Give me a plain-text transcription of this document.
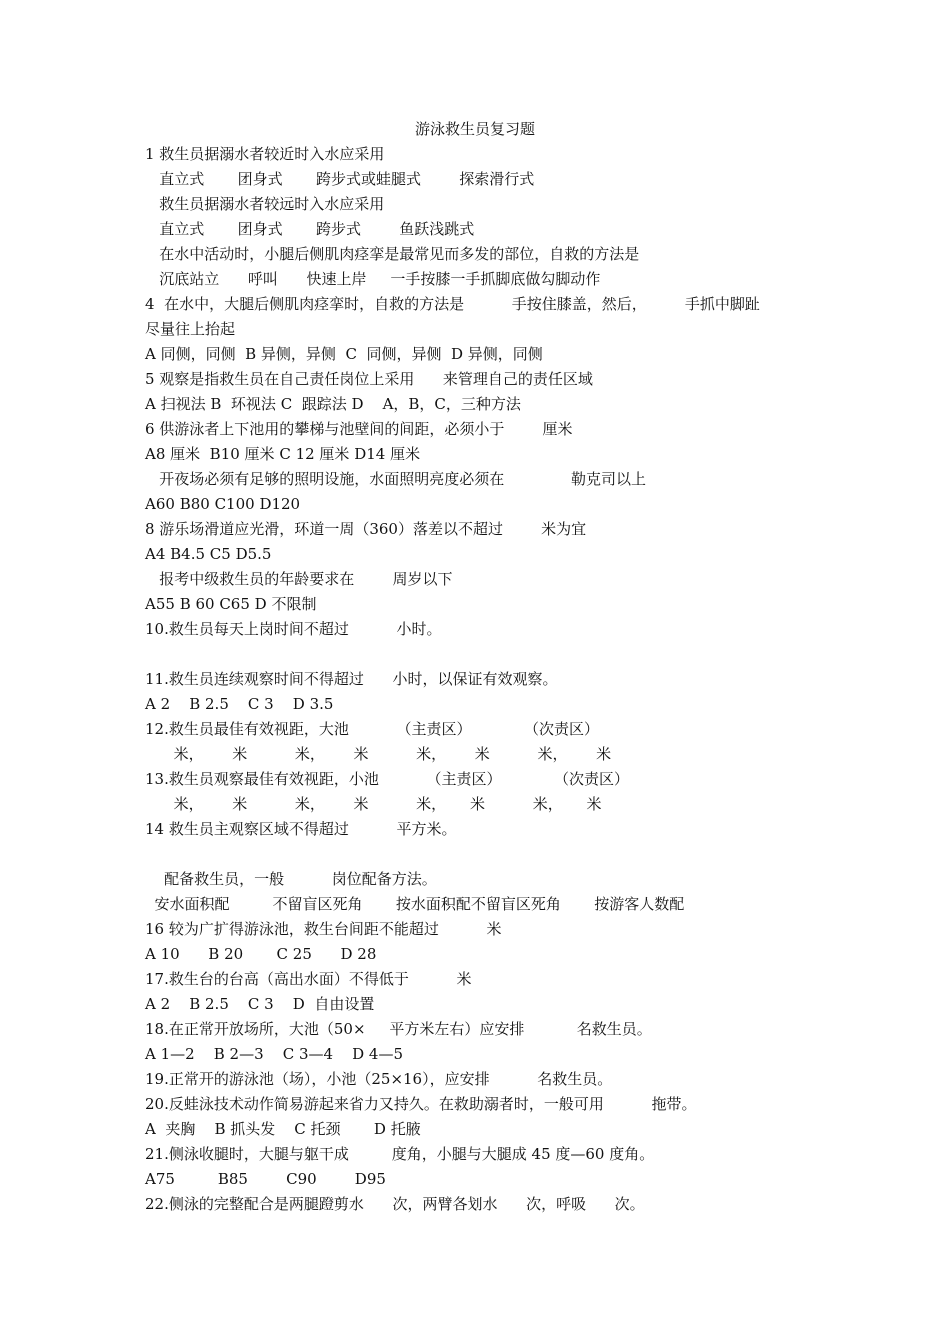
游泳救生员复习题
1 救生员据溺水者较近时入水应采用
直立式       团身式       跨步式或蛙腿式        探索滑行式
救生员据溺水者较远时入水应采用
直立式       团身式       跨步式        鱼跃浅跳式
在水中活动时，小腿后侧肌肉痉挛是最常见而多发的部位，自救的方法是
沉底站立      呼叫      快速上岸     一手按膝一手抓脚底做勾脚动作
4  在水中，大腿后侧肌肉痉挛时，自救的方法是          手按住膝盖，然后，        手抓中脚趾
尽量往上抬起
A 同侧，同侧  B 异侧，异侧  C  同侧，异侧  D 异侧，同侧
5 观察是指救生员在自己责任岗位上采用      来管理自己的责任区域
A 扫视法 B  环视法 C  跟踪法 D    A，B，C，三种方法
6 供游泳者上下池用的攀梯与池壁间的间距，必须小于        厘米
A8 厘米  B10 厘米 C 12 厘米 D14 厘米
开夜场必须有足够的照明设施，水面照明亮度必须在              勒克司以上
A60 B80 C100 D120
8 游乐场滑道应光滑，环道一周（360）落差以不超过        米为宜
A4 B4.5 C5 D5.5
报考中级救生员的年龄要求在        周岁以下
A55 B 60 C65 D 不限制
10.救生员每天上岗时间不超过          小时。
11.救生员连续观察时间不得超过      小时，以保证有效观察。
A 2    B 2.5    C 3    D 3.5
12.救生员最佳有效视距，大池          （主责区）           （次责区）
米，      米          米，      米          米，      米          米，      米
13.救生员观察最佳有效视距，小池          （主责区）           （次责区）
米，      米          米，      米          米，     米          米，     米
14 救生员主观察区域不得超过          平方米。
配备救生员，一般          岗位配备方法。
安水面积配         不留盲区死角       按水面积配不留盲区死角       按游客人数配
16 较为广扩得游泳池，救生台间距不能超过          米
A 10      B 20       C 25      D 28
17.救生台的台高（高出水面）不得低于          米
A 2    B 2.5    C 3    D  自由设置
18.在正常开放场所，大池（50×     平方米左右）应安排           名救生员。
A 1—2    B 2—3    C 3—4    D 4—5
19.正常开的游泳池（场），小池（25×16），应安排          名救生员。
20.反蛙泳技术动作简易游起来省力又持久。在救助溺者时，一般可用          拖带。
A  夹胸    B 抓头发    C 托颈       D 托腋
21.侧泳收腿时，大腿与躯干成         度角，小腿与大腿成 45 度—60 度角。
A75         B85        C90        D95
22.侧泳的完整配合是两腿蹬剪水      次，两臂各划水      次，呼吸      次。
